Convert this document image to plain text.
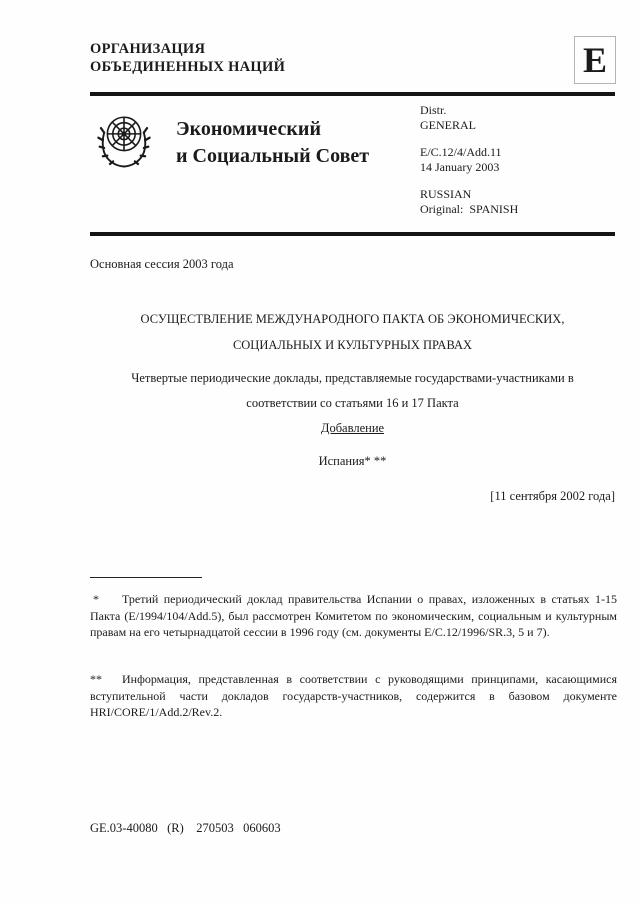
ОРГАНИЗАЦИЯ
ОБЪЕДИНЕННЫХ НАЦИЙ	E
Экономический
и Социальный Совет
Distr.
GENERAL
E/C.12/4/Add.11
14 January 2003
RUSSIAN
Original:  SPANISH
Основная сессия 2003 года
ОСУЩЕСТВЛЕНИЕ МЕЖДУНАРОДНОГО ПАКТА ОБ ЭКОНОМИЧЕСКИХ,
СОЦИАЛЬНЫХ И КУЛЬТУРНЫХ ПРАВАХ
Четвертые периодические доклады, представляемые государствами-участниками в
соответствии со статьями 16 и 17 Пакта
Добавление
Испания* **
[11 сентября 2002 года]

* Третий периодический доклад правительства Испании о правах, изложенных в статьях 1-15 Пакта (E/1994/104/Add.5), был рассмотрен Комитетом по экономическим, социальным и культурным правам на его четырнадцатой сессии в 1996 году (см. документы E/C.12/1996/SR.3, 5 и 7).

** Информация, представленная в соответствии с руководящими принципами, касающимися вступительной части докладов государств-участников, содержится в базовом документе HRI/CORE/1/Add.2/Rev.2.

GE.03-40080   (R)    270503   060603
